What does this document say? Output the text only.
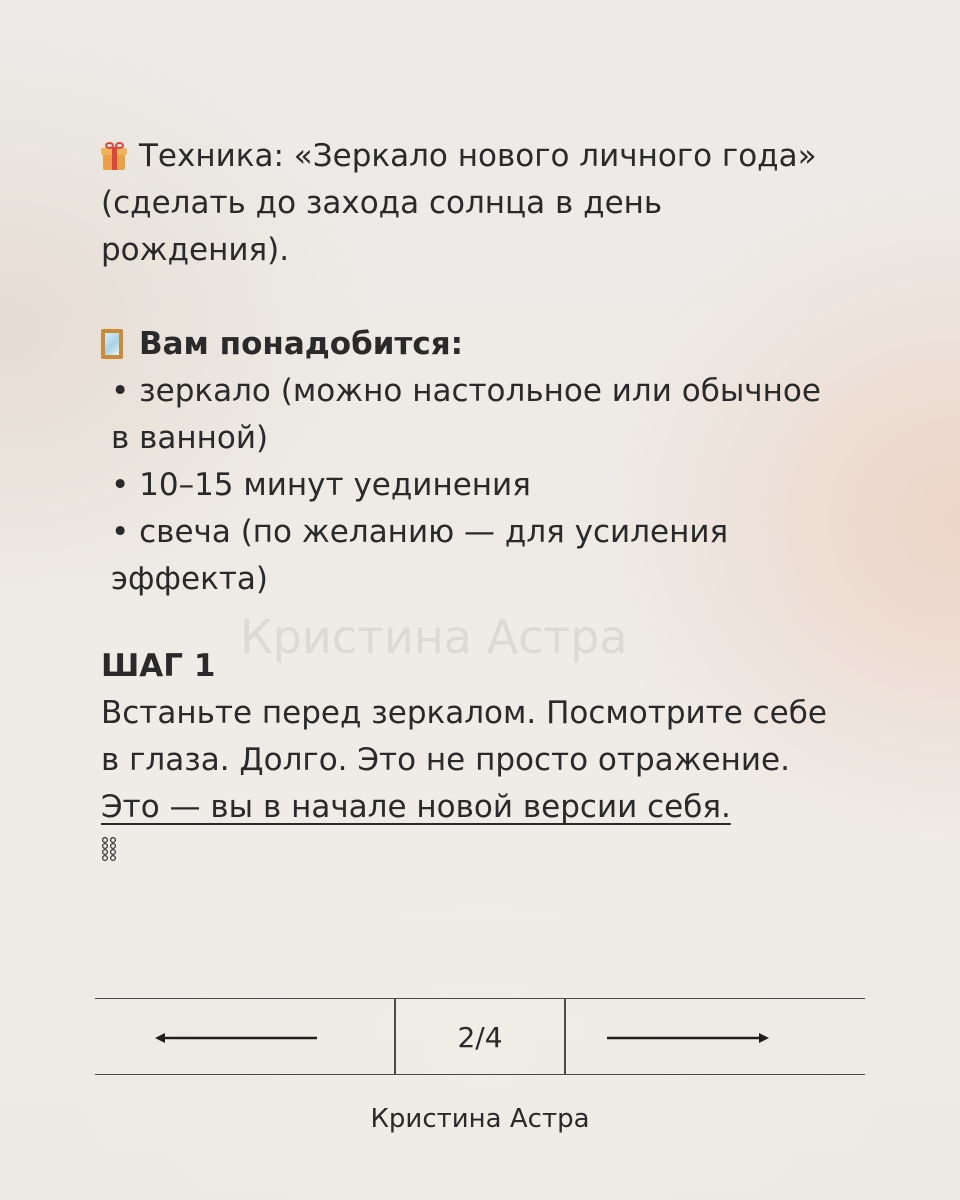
Кристина Астра

Техника: «Зеркало нового личного года» (сделать до захода солнца в день рождения).

Вам понадобится:

• зеркало (можно настольное или обычное в ванной)

• 10–15 минут уединения

• свеча (по желанию — для усиления эффекта)

ШАГ 1

Встаньте перед зеркалом. Посмотрите себе в глаза. Долго. Это не просто отражение. Это — вы в начале новой версии себя.

2/4
Кристина Астра
